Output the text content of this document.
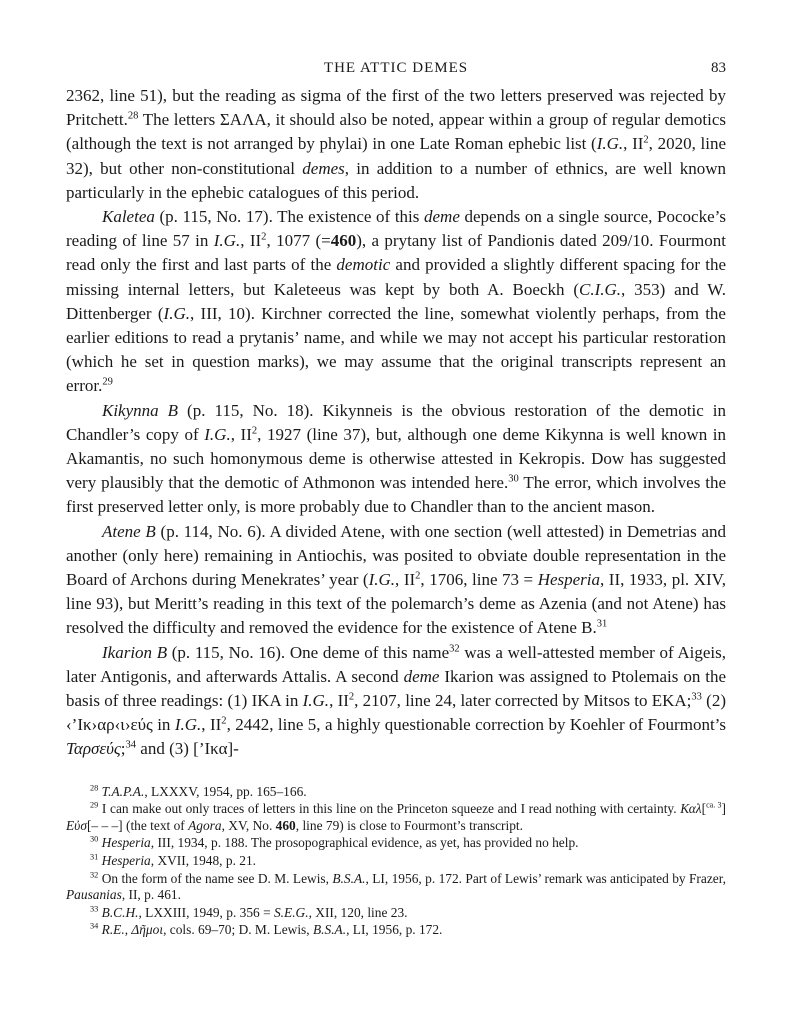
THE ATTIC DEMES	83

2362, line 51), but the reading as sigma of the first of the two letters preserved was rejected by Pritchett.$^{28}$ The letters ΣΑΛΑ, it should also be noted, appear within a group of regular demotics (although the text is not arranged by phylai) in one Late Roman ephebic list (I.G., $II^2$, 2020, line 32), but other non-constitutional demes, in addition to a number of ethnics, are well known particularly in the ephebic catalogues of this period.

Kaletea (p. 115, No. 17). The existence of this deme depends on a single source, Pococke’s reading of line 57 in I.G., $II^2$, 1077 (=460), a prytany list of Pandionis dated 209/10. Fourmont read only the first and last parts of the demotic and provided a slightly different spacing for the missing internal letters, but Kaleteeus was kept by both A. Boeckh (C.I.G., 353) and W. Dittenberger (I.G., III, 10). Kirchner corrected the line, somewhat violently perhaps, from the earlier editions to read a prytanis’ name, and while we may not accept his particular restoration (which he set in question marks), we may assume that the original transcripts represent an error.$^{29}$

Kikynna B (p. 115, No. 18). Kikynneis is the obvious restoration of the demotic in Chandler’s copy of I.G., $II^2$, 1927 (line 37), but, although one deme Kikynna is well known in Akamantis, no such homonymous deme is otherwise attested in Kekropis. Dow has suggested very plausibly that the demotic of Athmonon was intended here.$^{30}$ The error, which involves the first preserved letter only, is more probably due to Chandler than to the ancient mason.

Atene B (p. 114, No. 6). A divided Atene, with one section (well attested) in Demetrias and another (only here) remaining in Antiochis, was posited to obviate double representation in the Board of Archons during Menekrates’ year (I.G., $II^2$, 1706, line 73 = Hesperia, II, 1933, pl. XIV, line 93), but Meritt’s reading in this text of the polemarch’s deme as Azenia (and not Atene) has resolved the difficulty and removed the evidence for the existence of Atene B.$^{31}$

Ikarion B (p. 115, No. 16). One deme of this name$^{32}$ was a well-attested member of Aigeis, later Antigonis, and afterwards Attalis. A second deme Ikarion was assigned to Ptolemais on the basis of three readings: (1) ΙΚΑ in I.G., $II^2$, 2107, line 24, later corrected by Mitsos to ΕΚΑ;$^{33}$ (2) ‹’Ικ›αρ‹ι›εύς in I.G., $II^2$, 2442, line 5, a highly questionable correction by Koehler of Fourmont’s Ταρσεύς;$^{34}$ and (3) [’Ικα]-

$^{28}$ T.A.P.A., LXXXV, 1954, pp. 165–166.

$^{29}$ I can make out only traces of letters in this line on the Princeton squeeze and I read nothing with certainty. Καλ[$^{ca. 3}$] Εὐσ[– – –] (the text of Agora, XV, No. 460, line 79) is close to Fourmont’s transcript.

$^{30}$ Hesperia, III, 1934, p. 188. The prosopographical evidence, as yet, has provided no help.

$^{31}$ Hesperia, XVII, 1948, p. 21.

$^{32}$ On the form of the name see D. M. Lewis, B.S.A., LI, 1956, p. 172. Part of Lewis’ remark was anticipated by Frazer, Pausanias, II, p. 461.

$^{33}$ B.C.H., LXXIII, 1949, p. 356 = S.E.G., XII, 120, line 23.

$^{34}$ R.E., Δῆμοι, cols. 69–70; D. M. Lewis, B.S.A., LI, 1956, p. 172.
